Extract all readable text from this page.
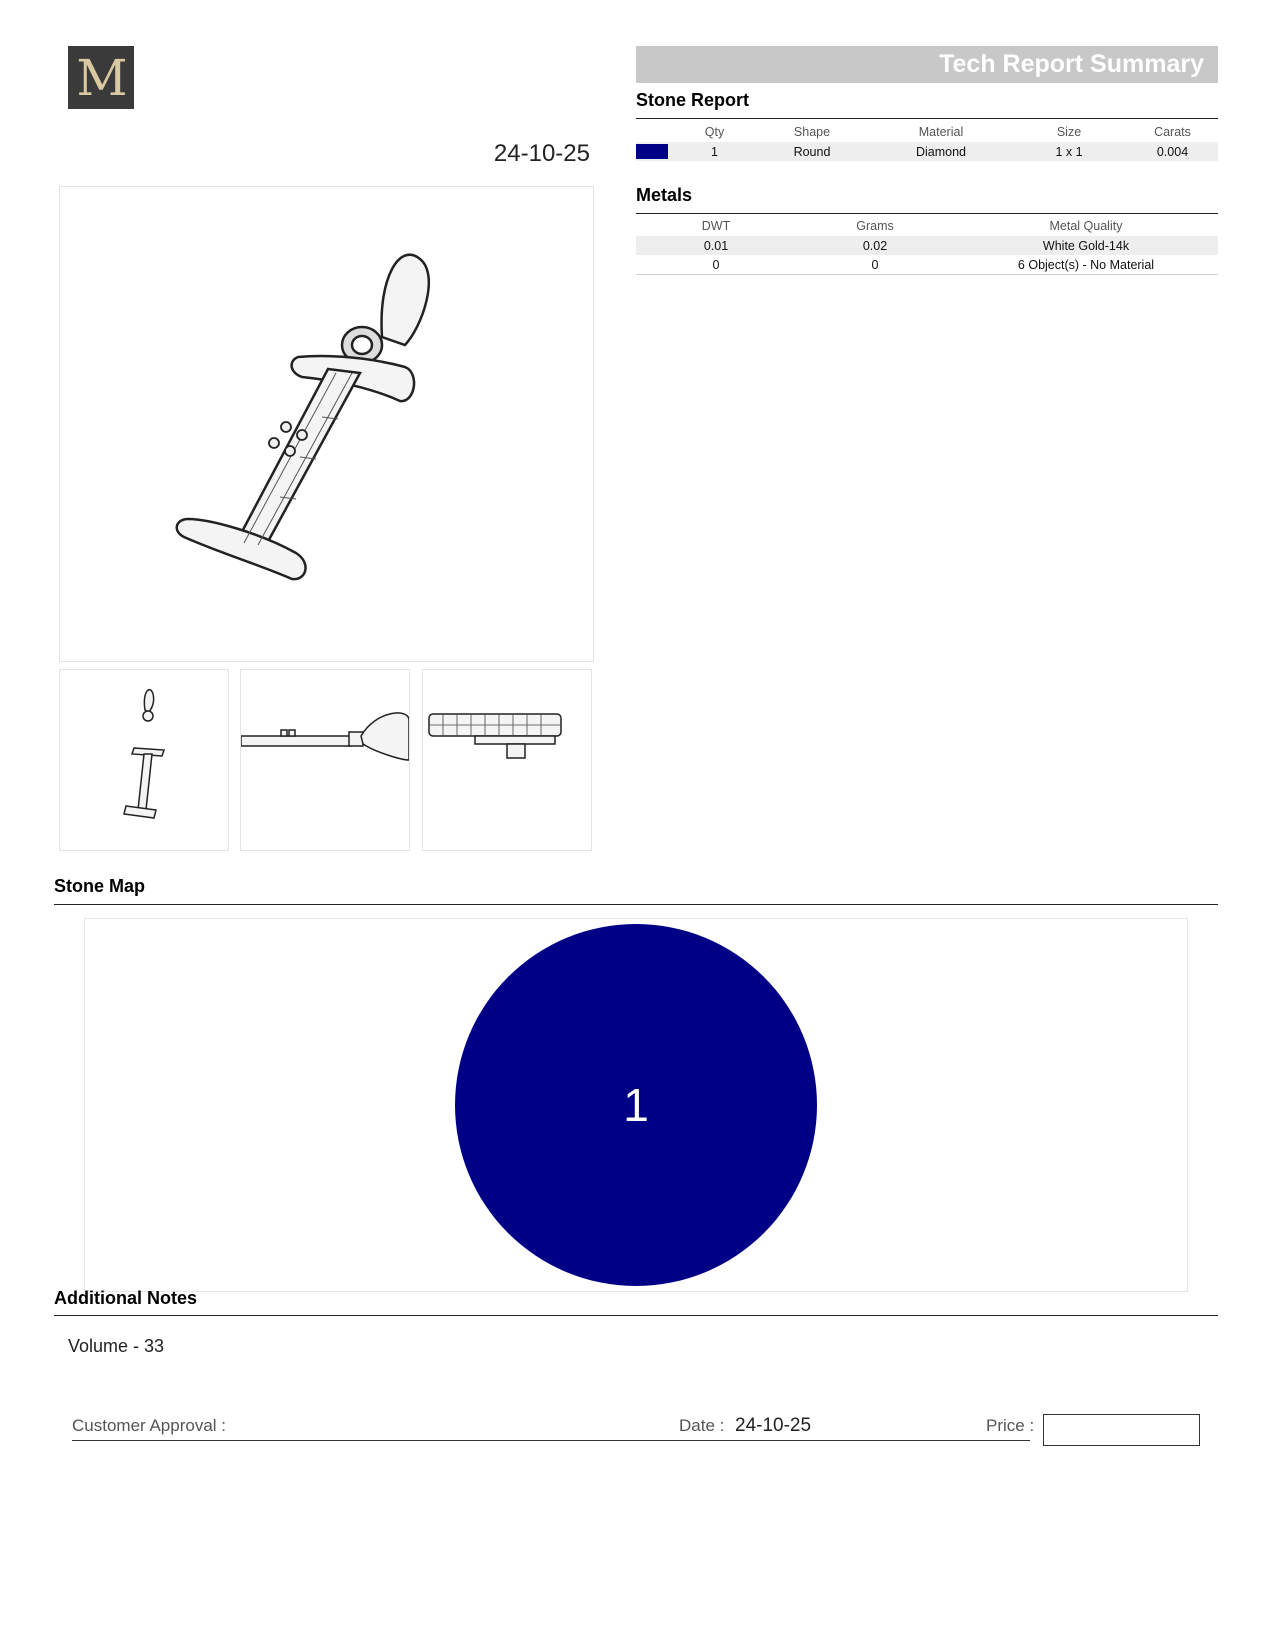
M
24-10-25
Tech Report Summary
Stone Report
	Qty	Shape	Material	Size	Carats
	1	Round	Diamond	1 x 1	0.004
Metals
DWT	Grams	Metal Quality
0.01	0.02	White Gold-14k
0	0	6 Object(s) - No Material
Stone Map
1
Additional Notes
Volume - 33
Customer Approval :	Date : 24-10-25	Price :
